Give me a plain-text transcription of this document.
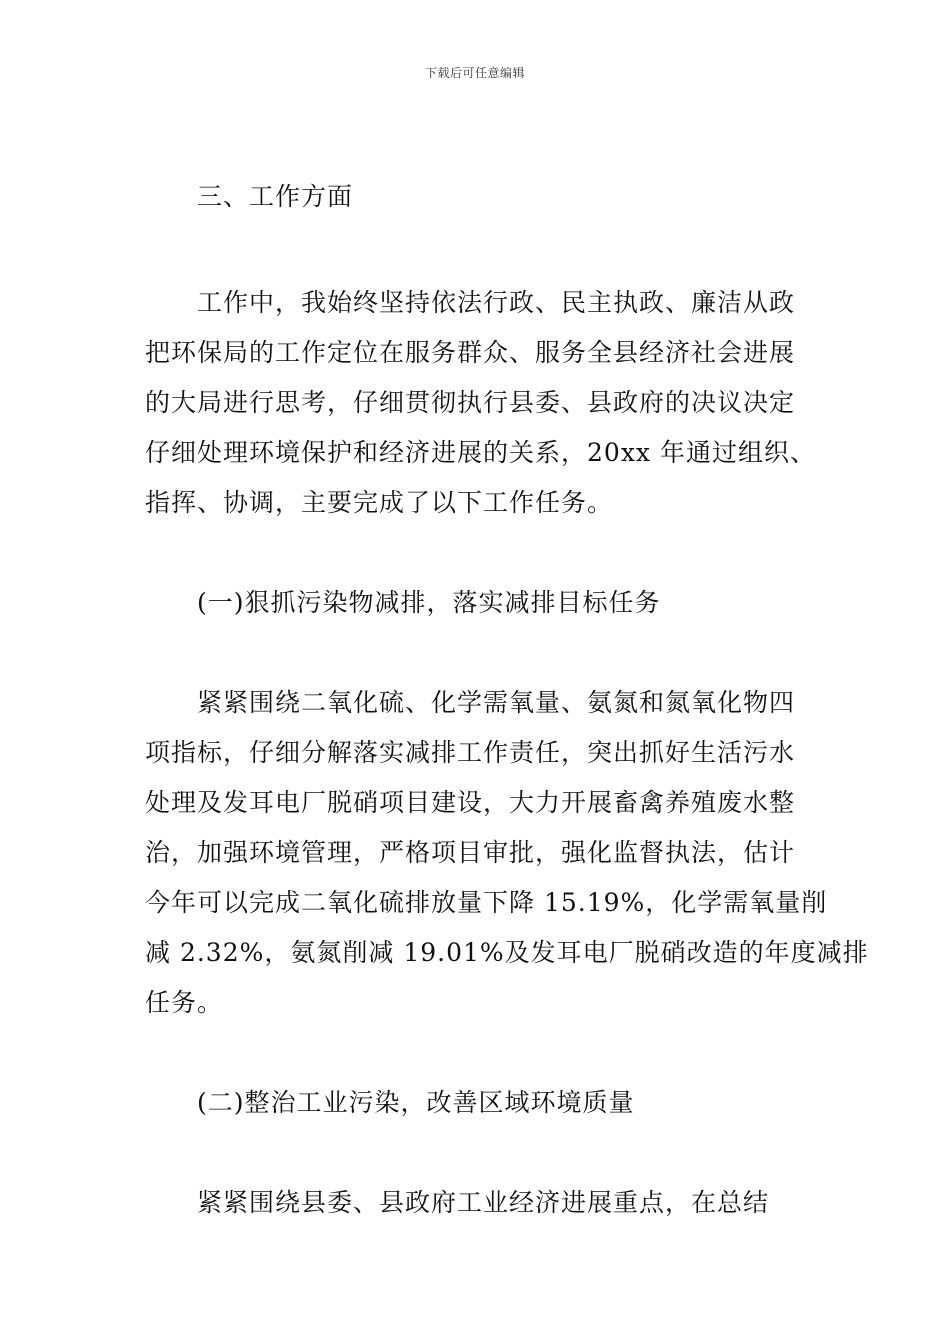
下载后可任意编辑
三、工作方面
工作中，我始终坚持依法行政、民主执政、廉洁从政
把环保局的工作定位在服务群众、服务全县经济社会进展
的大局进行思考，仔细贯彻执行县委、县政府的决议决定
仔细处理环境保护和经济进展的关系，20xx 年通过组织、
指挥、协调，主要完成了以下工作任务。
(一)狠抓污染物减排，落实减排目标任务
紧紧围绕二氧化硫、化学需氧量、氨氮和氮氧化物四
项指标，仔细分解落实减排工作责任，突出抓好生活污水
处理及发耳电厂脱硝项目建设，大力开展畜禽养殖废水整
治，加强环境管理，严格项目审批，强化监督执法，估计
今年可以完成二氧化硫排放量下降 15.19%，化学需氧量削
减 2.32%，氨氮削减 19.01%及发耳电厂脱硝改造的年度减排
任务。
(二)整治工业污染，改善区域环境质量
紧紧围绕县委、县政府工业经济进展重点，在总结
